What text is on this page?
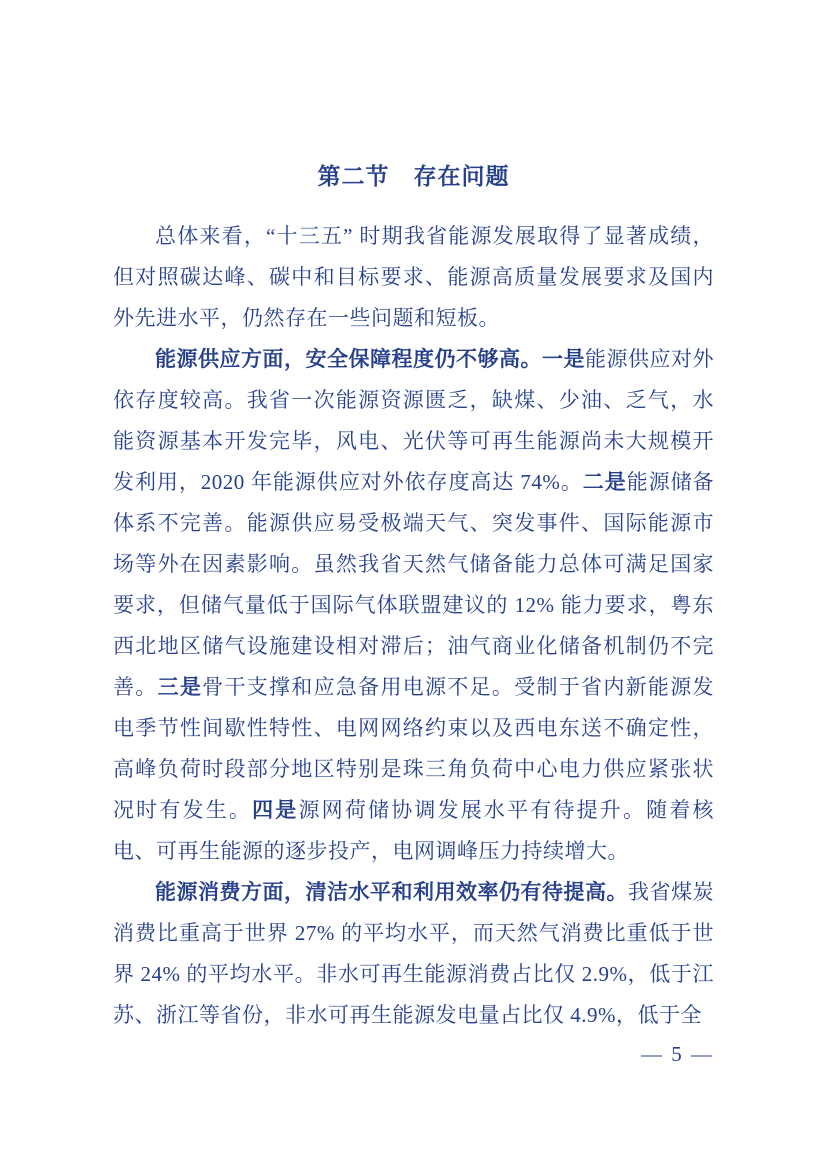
第二节　存在问题

总体来看，“十三五” 时期我省能源发展取得了显著成绩，但对照碳达峰、碳中和目标要求、能源高质量发展要求及国内外先进水平，仍然存在一些问题和短板。

能源供应方面，安全保障程度仍不够高。一是能源供应对外依存度较高。我省一次能源资源匮乏，缺煤、少油、乏气，水能资源基本开发完毕，风电、光伏等可再生能源尚未大规模开发利用，2020 年能源供应对外依存度高达 74%。二是能源储备体系不完善。能源供应易受极端天气、突发事件、国际能源市场等外在因素影响。虽然我省天然气储备能力总体可满足国家要求，但储气量低于国际气体联盟建议的 12% 能力要求，粤东西北地区储气设施建设相对滞后；油气商业化储备机制仍不完善。三是骨干支撑和应急备用电源不足。受制于省内新能源发电季节性间歇性特性、电网网络约束以及西电东送不确定性，高峰负荷时段部分地区特别是珠三角负荷中心电力供应紧张状况时有发生。四是源网荷储协调发展水平有待提升。随着核电、可再生能源的逐步投产，电网调峰压力持续增大。

能源消费方面，清洁水平和利用效率仍有待提高。我省煤炭消费比重高于世界 27% 的平均水平，而天然气消费比重低于世界 24% 的平均水平。非水可再生能源消费占比仅 2.9%，低于江苏、浙江等省份，非水可再生能源发电量占比仅 4.9%，低于全

— 5 —
